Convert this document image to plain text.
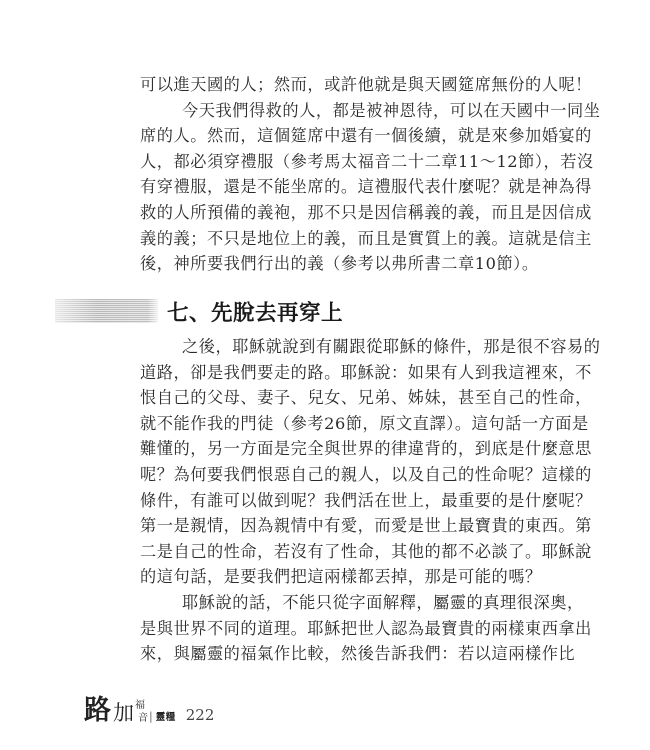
可以進天國的人；然而，或許他就是與天國筵席無份的人呢！
今天我們得救的人，都是被神恩待，可以在天國中一同坐
席的人。然而，這個筵席中還有一個後續，就是來參加婚宴的
人，都必須穿禮服（參考馬太福音二十二章11～12節），若沒
有穿禮服，還是不能坐席的。這禮服代表什麼呢？就是神為得
救的人所預備的義袍，那不只是因信稱義的義，而且是因信成
義的義；不只是地位上的義，而且是實質上的義。這就是信主
後，神所要我們行出的義（參考以弗所書二章10節）。
七、先脫去再穿上
之後，耶穌就說到有關跟從耶穌的條件，那是很不容易的
道路，卻是我們要走的路。耶穌說：如果有人到我這裡來，不
恨自己的父母、妻子、兒女、兄弟、姊妹，甚至自己的性命，
就不能作我的門徒（參考26節，原文直譯）。這句話一方面是
難懂的，另一方面是完全與世界的律違背的，到底是什麼意思
呢？為何要我們恨惡自己的親人，以及自己的性命呢？這樣的
條件，有誰可以做到呢？我們活在世上，最重要的是什麼呢？
第一是親情，因為親情中有愛，而愛是世上最寶貴的東西。第
二是自己的性命，若沒有了性命，其他的都不必談了。耶穌說
的這句話，是要我們把這兩樣都丟掉，那是可能的嗎？
耶穌說的話，不能只從字面解釋，屬靈的真理很深奧，
是與世界不同的道理。耶穌把世人認為最寶貴的兩樣東西拿出
來，與屬靈的福氣作比較，然後告訴我們：若以這兩樣作比
路 加 福
音 | 靈糧 222
